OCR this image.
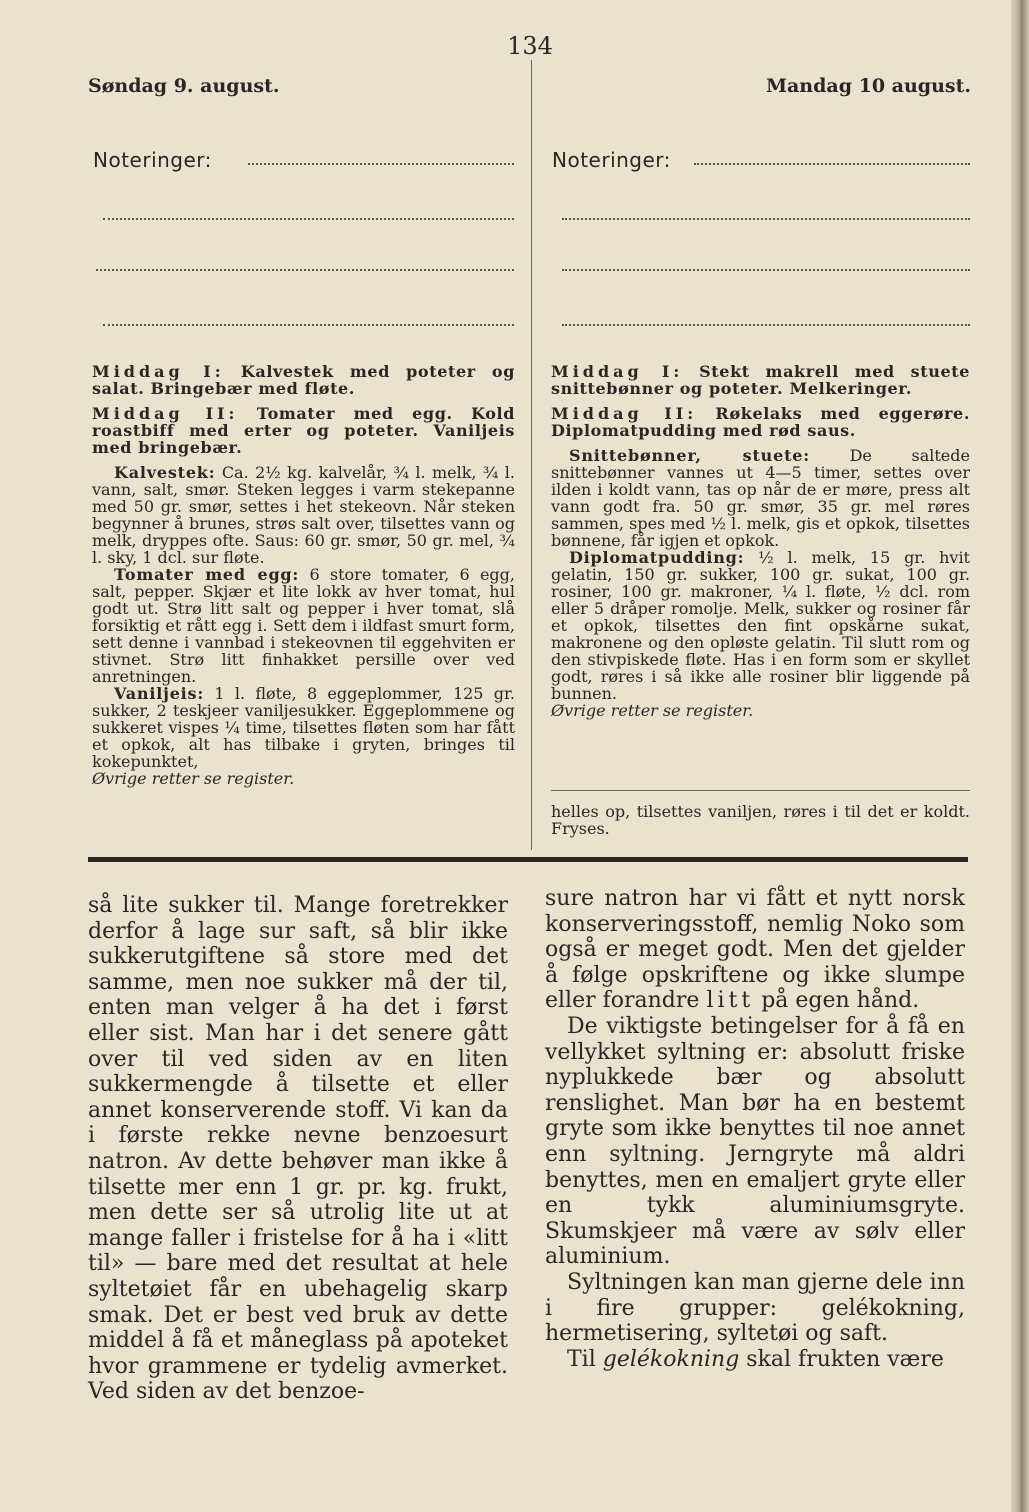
134
Søndag 9. august.	Mandag 10 august.
Noteringer:	Noteringer:

Middag I: Kalvestek med poteter og salat. Bringebær med fløte.

Middag II: Tomater med egg. Kold roastbiff med erter og poteter. Vaniljeis med bringebær.

Kalvestek: Ca. 2½ kg. kalvelår, ¾ l. melk, ¾ l. vann, salt, smør. Steken legges i varm stekepanne med 50 gr. smør, settes i het stekeovn. Når steken begynner å brunes, strøs salt over, tilsettes vann og melk, dryppes ofte. Saus: 60 gr. smør, 50 gr. mel, ¾ l. sky, 1 dcl. sur fløte.

Tomater med egg: 6 store tomater, 6 egg, salt, pepper. Skjær et lite lokk av hver tomat, hul godt ut. Strø litt salt og pepper i hver tomat, slå forsiktig et rått egg i. Sett dem i ildfast smurt form, sett denne i vannbad i stekeovnen til eggehviten er stivnet. Strø litt finhakket persille over ved anretningen.

Vaniljeis: 1 l. fløte, 8 eggeplommer, 125 gr. sukker, 2 teskjeer vaniljesukker. Eggeplommene og sukkeret vispes ¼ time, tilsettes fløten som har fått et opkok, alt has tilbake i gryten, bringes til kokepunktet,

Øvrige retter se register.

Middag I: Stekt makrell med stuete snittebønner og poteter. Melkeringer.

Middag II: Røkelaks med eggerøre. Diplomatpudding med rød saus.

Snittebønner, stuete: De saltede snittebønner vannes ut 4—5 timer, settes over ilden i koldt vann, tas op når de er møre, press alt vann godt fra. 50 gr. smør, 35 gr. mel røres sammen, spes med ½ l. melk, gis et opkok, tilsettes bønnene, får igjen et opkok.

Diplomatpudding: ½ l. melk, 15 gr. hvit gelatin, 150 gr. sukker, 100 gr. sukat, 100 gr. rosiner, 100 gr. makroner, ¼ l. fløte, ½ dcl. rom eller 5 dråper romolje. Melk, sukker og rosiner får et opkok, tilsettes den fint opskårne sukat, makronene og den opløste gelatin. Til slutt rom og den stivpiskede fløte. Has i en form som er skyllet godt, røres i så ikke alle rosiner blir liggende på bunnen.

Øvrige retter se register.

helles op, tilsettes vaniljen, røres i til det er koldt. Fryses.

så lite sukker til. Mange foretrekker derfor å lage sur saft, så blir ikke sukkerutgiftene så store med det samme, men noe sukker må der til, enten man velger å ha det i først eller sist. Man har i det senere gått over til ved siden av en liten sukkermengde å tilsette et eller annet konserverende stoff. Vi kan da i første rekke nevne benzoesurt natron. Av dette behøver man ikke å tilsette mer enn 1 gr. pr. kg. frukt, men dette ser så utrolig lite ut at mange faller i fristelse for å ha i «litt til» — bare med det resultat at hele syltetøiet får en ubehagelig skarp smak. Det er best ved bruk av dette middel å få et måneglass på apoteket hvor grammene er tydelig avmerket. Ved siden av det benzoe-

sure natron har vi fått et nytt norsk konserveringsstoff, nemlig Noko som også er meget godt. Men det gjelder å følge opskriftene og ikke slumpe eller forandre litt på egen hånd.

De viktigste betingelser for å få en vellykket syltning er: absolutt friske nyplukkede bær og absolutt renslighet. Man bør ha en bestemt gryte som ikke benyttes til noe annet enn syltning. Jerngryte må aldri benyttes, men en emaljert gryte eller en tykk aluminiumsgryte. Skumskjeer må være av sølv eller aluminium.

Syltningen kan man gjerne dele inn i fire grupper: gelékokning, hermetisering, syltetøi og saft.

Til gelékokning skal frukten være
